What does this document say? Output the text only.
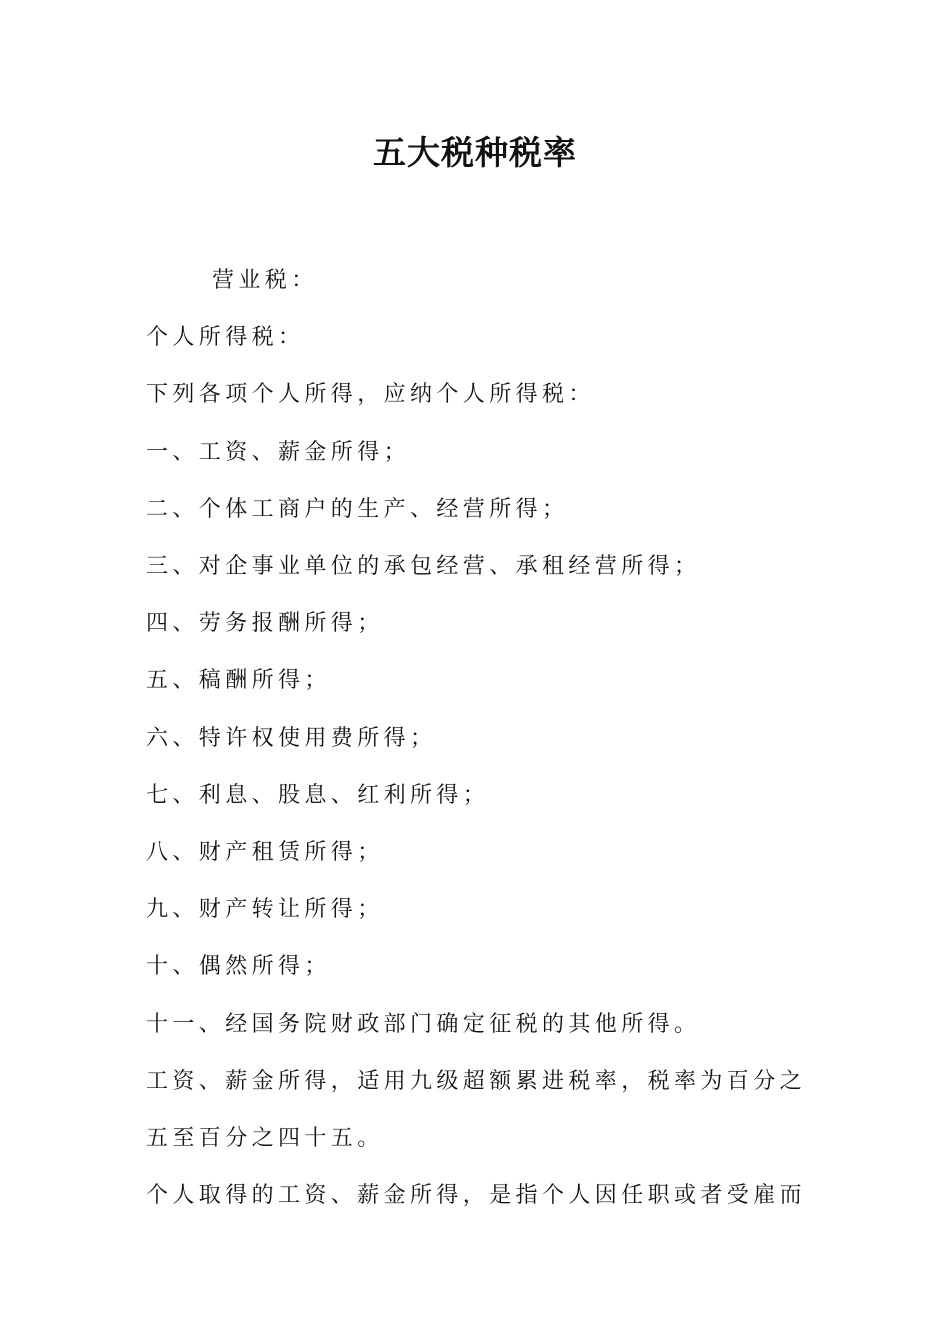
五大税种税率

营业税：

个人所得税：

下列各项个人所得，应纳个人所得税：

一、工资、薪金所得；

二、个体工商户的生产、经营所得；

三、对企事业单位的承包经营、承租经营所得；

四、劳务报酬所得；

五、稿酬所得；

六、特许权使用费所得；

七、利息、股息、红利所得；

八、财产租赁所得；

九、财产转让所得；

十、偶然所得；

十一、经国务院财政部门确定征税的其他所得。

工资、薪金所得，适用九级超额累进税率，税率为百分之

五至百分之四十五。

个人取得的工资、薪金所得，是指个人因任职或者受雇而
